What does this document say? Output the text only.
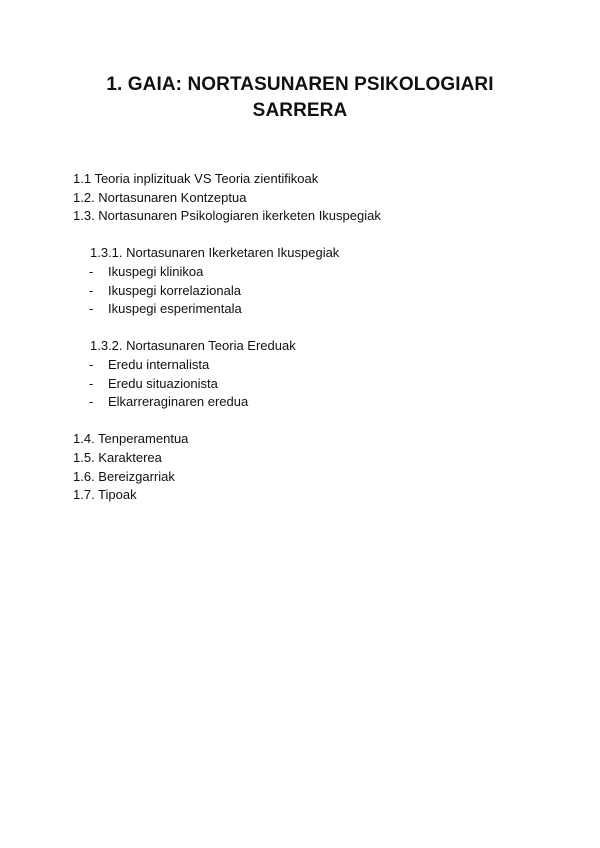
1. GAIA: NORTASUNAREN PSIKOLOGIARI
SARRERA
1.1 Teoria inplizituak VS Teoria zientifikoak
1.2. Nortasunaren Kontzeptua
1.3. Nortasunaren Psikologiaren ikerketen Ikuspegiak
1.3.1. Nortasunaren Ikerketaren Ikuspegiak
-	Ikuspegi klinikoa
-	Ikuspegi korrelazionala
-	Ikuspegi esperimentala
1.3.2. Nortasunaren Teoria Ereduak
-	Eredu internalista
-	Eredu situazionista
-	Elkarreraginaren eredua
1.4. Tenperamentua
1.5. Karakterea
1.6. Bereizgarriak
1.7. Tipoak
